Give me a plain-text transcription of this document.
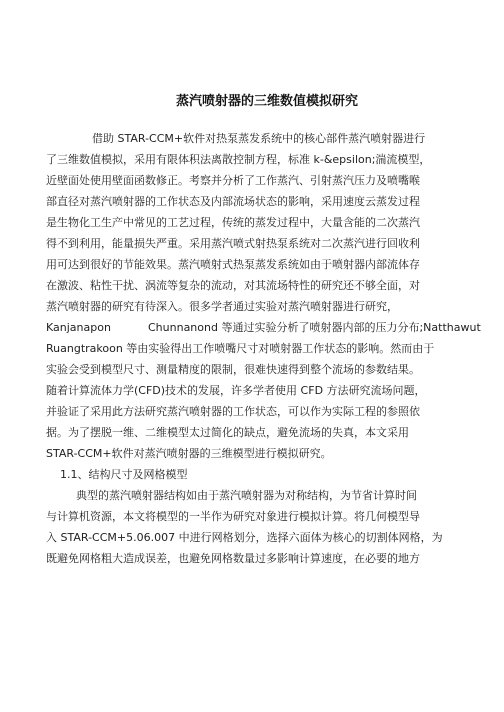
蒸汽喷射器的三维数值模拟研究
借助 STAR-CCM+软件对热泵蒸发系统中的核心部件蒸汽喷射器进行
了三维数值模拟，采用有限体积法离散控制方程，标准 k-&epsilon;湍流模型，
近壁面处使用壁面函数修正。考察并分析了工作蒸汽、引射蒸汽压力及喷嘴喉
部直径对蒸汽喷射器的工作状态及内部流场状态的影响，采用速度云蒸发过程
是生物化工生产中常见的工艺过程，传统的蒸发过程中，大量含能的二次蒸汽
得不到利用，能量损失严重。采用蒸汽喷式射热泵系统对二次蒸汽进行回收利
用可达到很好的节能效果。蒸汽喷射式热泵蒸发系统如由于喷射器内部流体存
在激波、粘性干扰、涡流等复杂的流动，对其流场特性的研究还不够全面，对
蒸汽喷射器的研究有待深入。很多学者通过实验对蒸汽喷射器进行研究，
Kanjanapon	Chunnanond 等通过实验分析了喷射器内部的压力分布;Natthawut
Ruangtrakoon 等由实验得出工作喷嘴尺寸对喷射器工作状态的影响。然而由于
实验会受到模型尺寸、测量精度的限制，很难快速得到整个流场的参数结果。
随着计算流体力学(CFD)技术的发展，许多学者使用 CFD 方法研究流场问题，
并验证了采用此方法研究蒸汽喷射器的工作状态，可以作为实际工程的参照依
据。为了摆脱一维、二维模型太过简化的缺点，避免流场的失真，本文采用
STAR-CCM+软件对蒸汽喷射器的三维模型进行模拟研究。
1.1、结构尺寸及网格模型
典型的蒸汽喷射器结构如由于蒸汽喷射器为对称结构，为节省计算时间
与计算机资源，本文将模型的一半作为研究对象进行模拟计算。将几何模型导
入 STAR-CCM+5.06.007 中进行网格划分，选择六面体为核心的切割体网格，为
既避免网格粗大造成误差，也避免网格数量过多影响计算速度，在必要的地方
